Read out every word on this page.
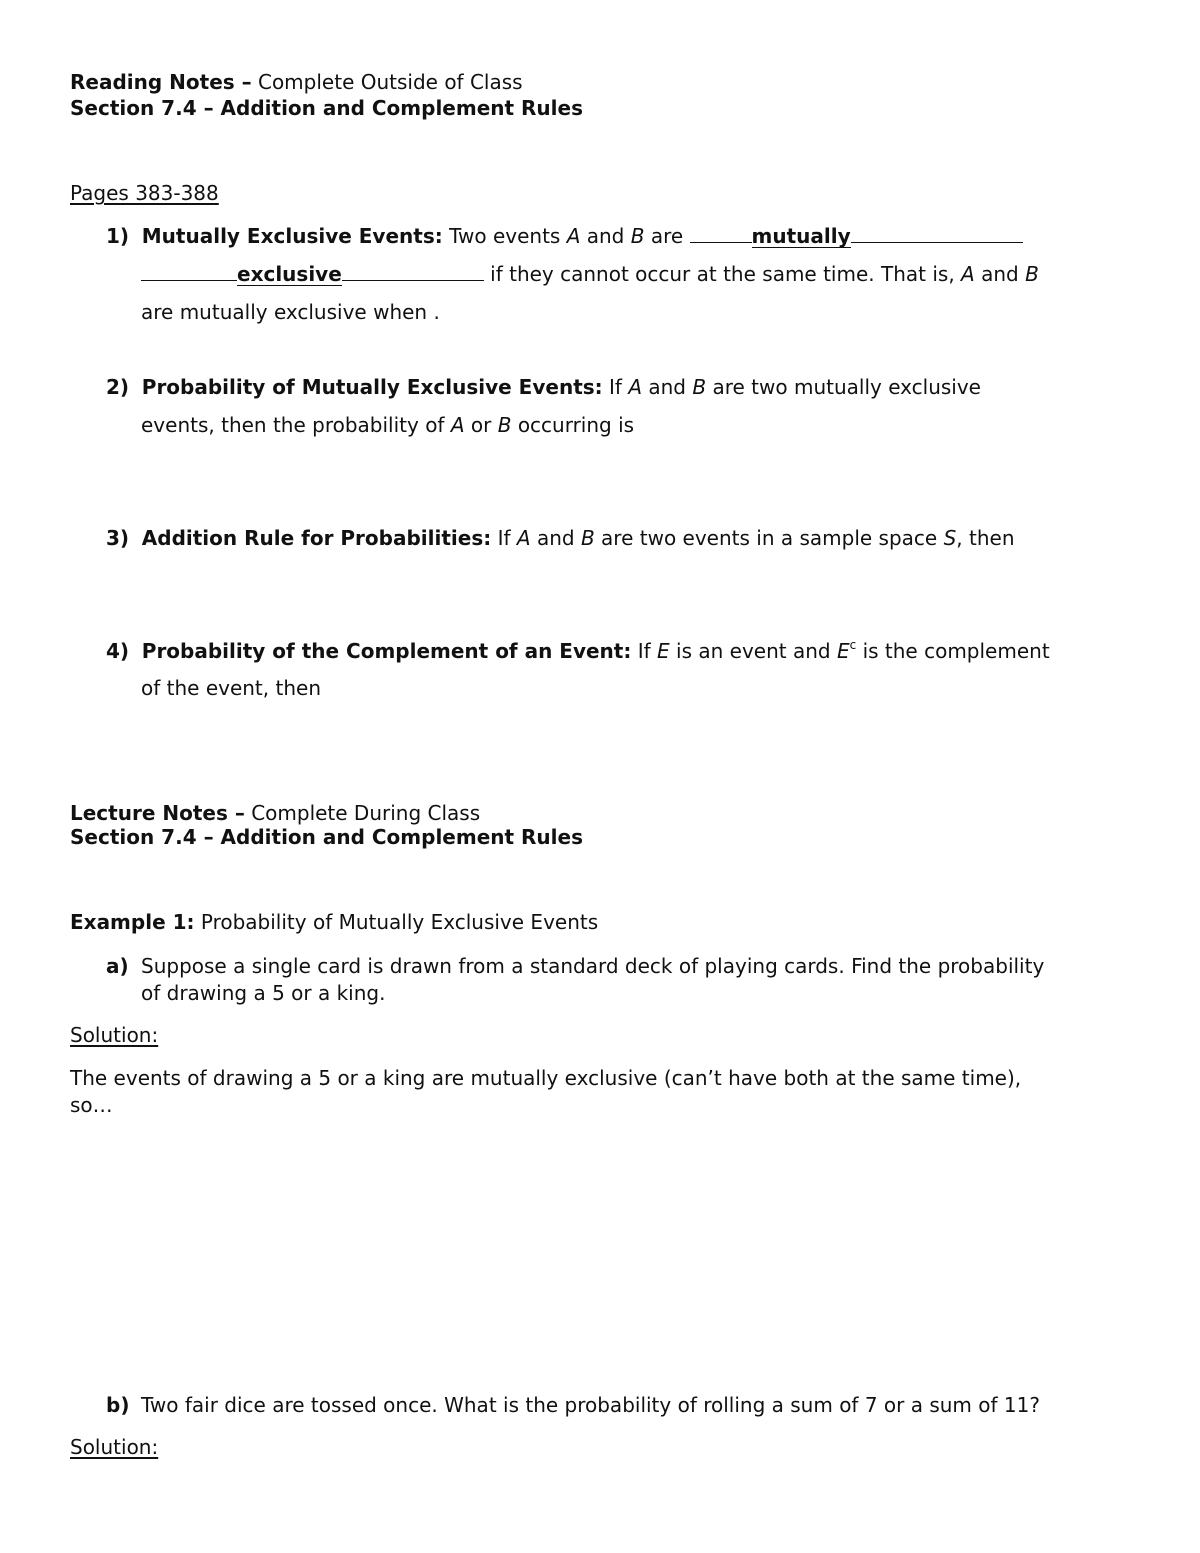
Reading Notes – Complete Outside of Class
Section 7.4 – Addition and Complement Rules
Pages 383-388
1) Mutually Exclusive Events: Two events A and B are	mutually
exclusive	if they cannot occur at the same time. That is, A and B
are mutually exclusive when .
2) Probability of Mutually Exclusive Events: If A and B are two mutually exclusive
events, then the probability of A or B occurring is
3) Addition Rule for Probabilities: If A and B are two events in a sample space S, then
4) Probability of the Complement of an Event: If E is an event and $E^c$ is the complement
of the event, then
Lecture Notes – Complete During Class
Section 7.4 – Addition and Complement Rules
Example 1: Probability of Mutually Exclusive Events
a) Suppose a single card is drawn from a standard deck of playing cards. Find the probability
of drawing a 5 or a king.
Solution:
The events of drawing a 5 or a king are mutually exclusive (can’t have both at the same time),
so…
b) Two fair dice are tossed once. What is the probability of rolling a sum of 7 or a sum of 11?
Solution:
